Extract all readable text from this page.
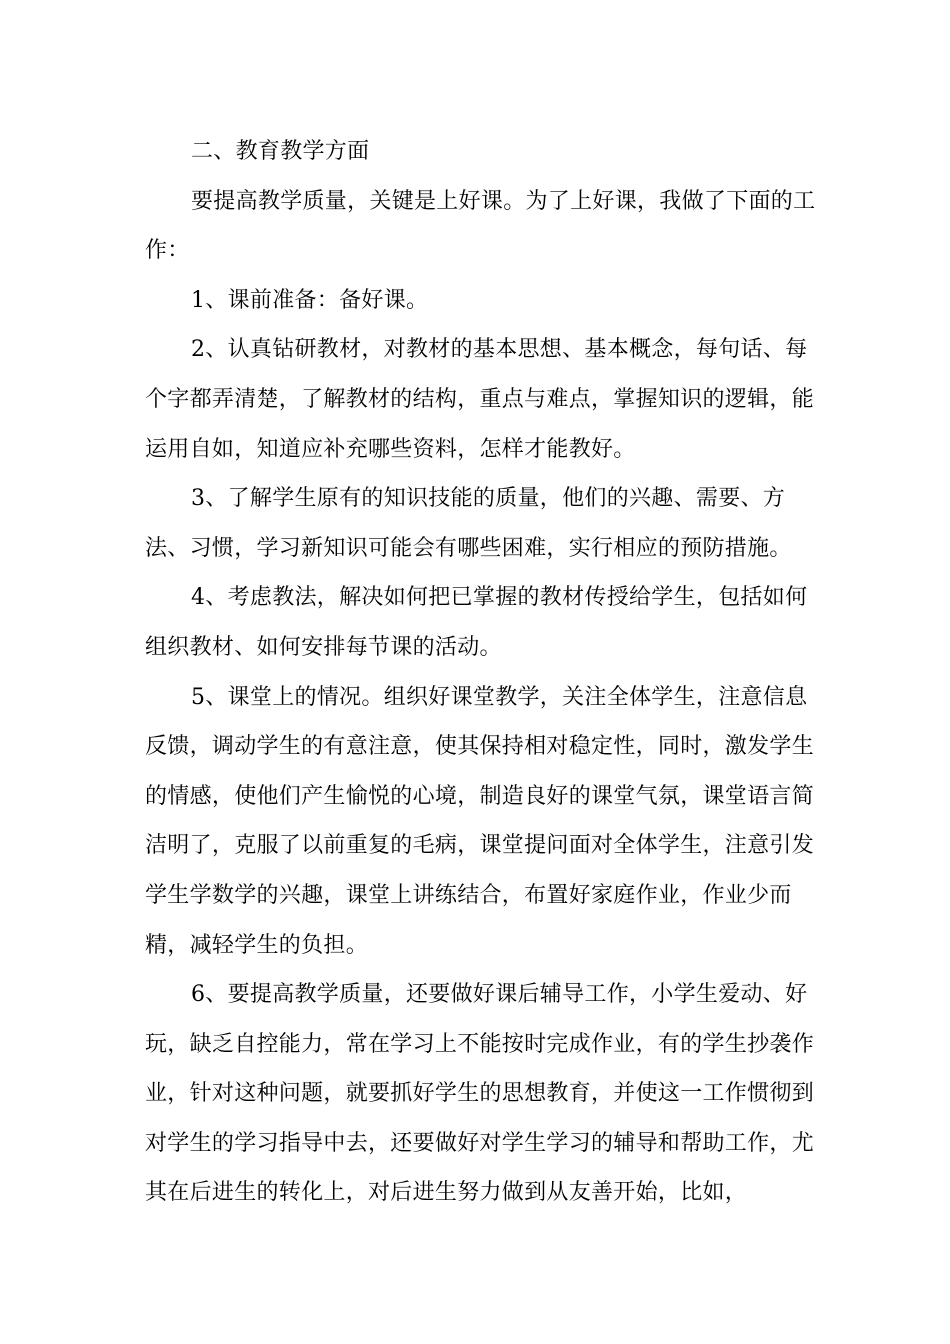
二、教育教学方面

要提高教学质量，关键是上好课。为了上好课，我做了下面的工作：

1、课前准备：备好课。

2、认真钻研教材，对教材的基本思想、基本概念，每句话、每个字都弄清楚，了解教材的结构，重点与难点，掌握知识的逻辑，能运用自如，知道应补充哪些资料，怎样才能教好。

3、了解学生原有的知识技能的质量，他们的兴趣、需要、方法、习惯，学习新知识可能会有哪些困难，实行相应的预防措施。

4、考虑教法，解决如何把已掌握的教材传授给学生，包括如何组织教材、如何安排每节课的活动。

5、课堂上的情况。组织好课堂教学，关注全体学生，注意信息反馈，调动学生的有意注意，使其保持相对稳定性，同时，激发学生的情感，使他们产生愉悦的心境，制造良好的课堂气氛，课堂语言简洁明了，克服了以前重复的毛病，课堂提问面对全体学生，注意引发学生学数学的兴趣，课堂上讲练结合，布置好家庭作业，作业少而精，减轻学生的负担。

6、要提高教学质量，还要做好课后辅导工作，小学生爱动、好玩，缺乏自控能力，常在学习上不能按时完成作业，有的学生抄袭作业，针对这种问题，就要抓好学生的思想教育，并使这一工作惯彻到对学生的学习指导中去，还要做好对学生学习的辅导和帮助工作，尤其在后进生的转化上，对后进生努力做到从友善开始，比如，
